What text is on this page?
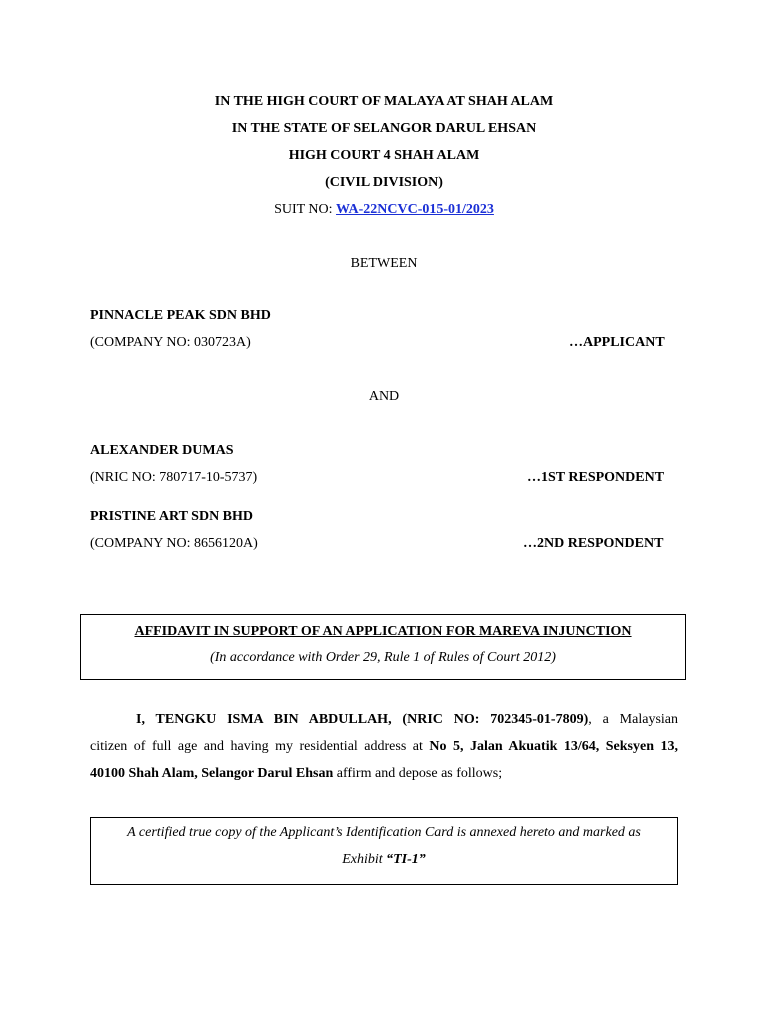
IN THE HIGH COURT OF MALAYA AT SHAH ALAM
IN THE STATE OF SELANGOR DARUL EHSAN
HIGH COURT 4 SHAH ALAM
(CIVIL DIVISION)
SUIT NO: WA-22NCVC-015-01/2023
BETWEEN
PINNACLE PEAK SDN BHD
(COMPANY NO: 030723A)	…APPLICANT
AND
ALEXANDER DUMAS
(NRIC NO: 780717-10-5737)	…1ST RESPONDENT
PRISTINE ART SDN BHD
(COMPANY NO: 8656120A)	…2ND RESPONDENT
AFFIDAVIT IN SUPPORT OF AN APPLICATION FOR MAREVA INJUNCTION
(In accordance with Order 29, Rule 1 of Rules of Court 2012)
I, TENGKU ISMA BIN ABDULLAH, (NRIC NO: 702345-01-7809), a Malaysian
citizen of full age and having my residential address at No 5, Jalan Akuatik 13/64, Seksyen 13,
40100 Shah Alam, Selangor Darul Ehsan affirm and depose as follows;
A certified true copy of the Applicant’s Identification Card is annexed hereto and marked as
Exhibit “TI-1”
